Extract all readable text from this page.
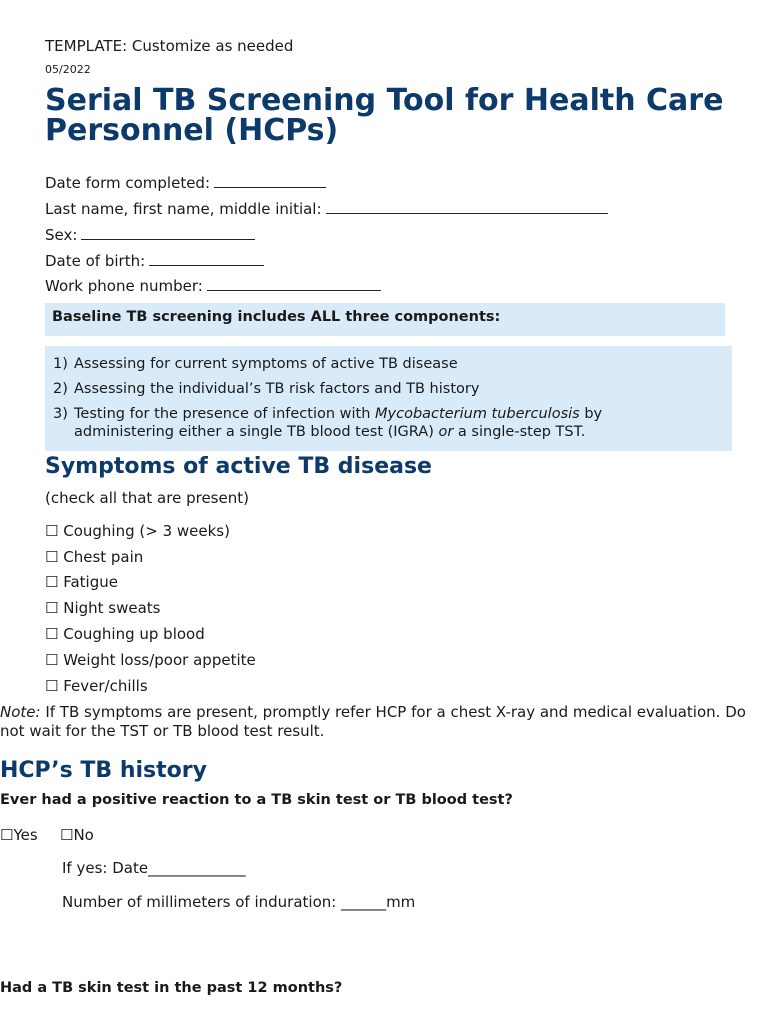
TEMPLATE: Customize as needed
05/2022
Serial TB Screening Tool for Health Care Personnel (HCPs)
Date form completed:
Last name, first name, middle initial:
Sex:
Date of birth:
Work phone number:
Baseline TB screening includes ALL three components:
1) Assessing for current symptoms of active TB disease
2) Assessing the individual’s TB risk factors and TB history
3) Testing for the presence of infection with Mycobacterium tuberculosis by
administering either a single TB blood test (IGRA) or a single-step TST.
Symptoms of active TB disease
(check all that are present)
☐ Coughing (> 3 weeks)
☐ Chest pain
☐ Fatigue
☐ Night sweats
☐ Coughing up blood
☐ Weight loss/poor appetite
☐ Fever/chills
Note: If TB symptoms are present, promptly refer HCP for a chest X-ray and medical evaluation. Do not wait for the TST or TB blood test result.
HCP’s TB history
Ever had a positive reaction to a TB skin test or TB blood test?
☐Yes ☐No
If yes: Date_____________
Number of millimeters of induration: ______mm
Had a TB skin test in the past 12 months?
